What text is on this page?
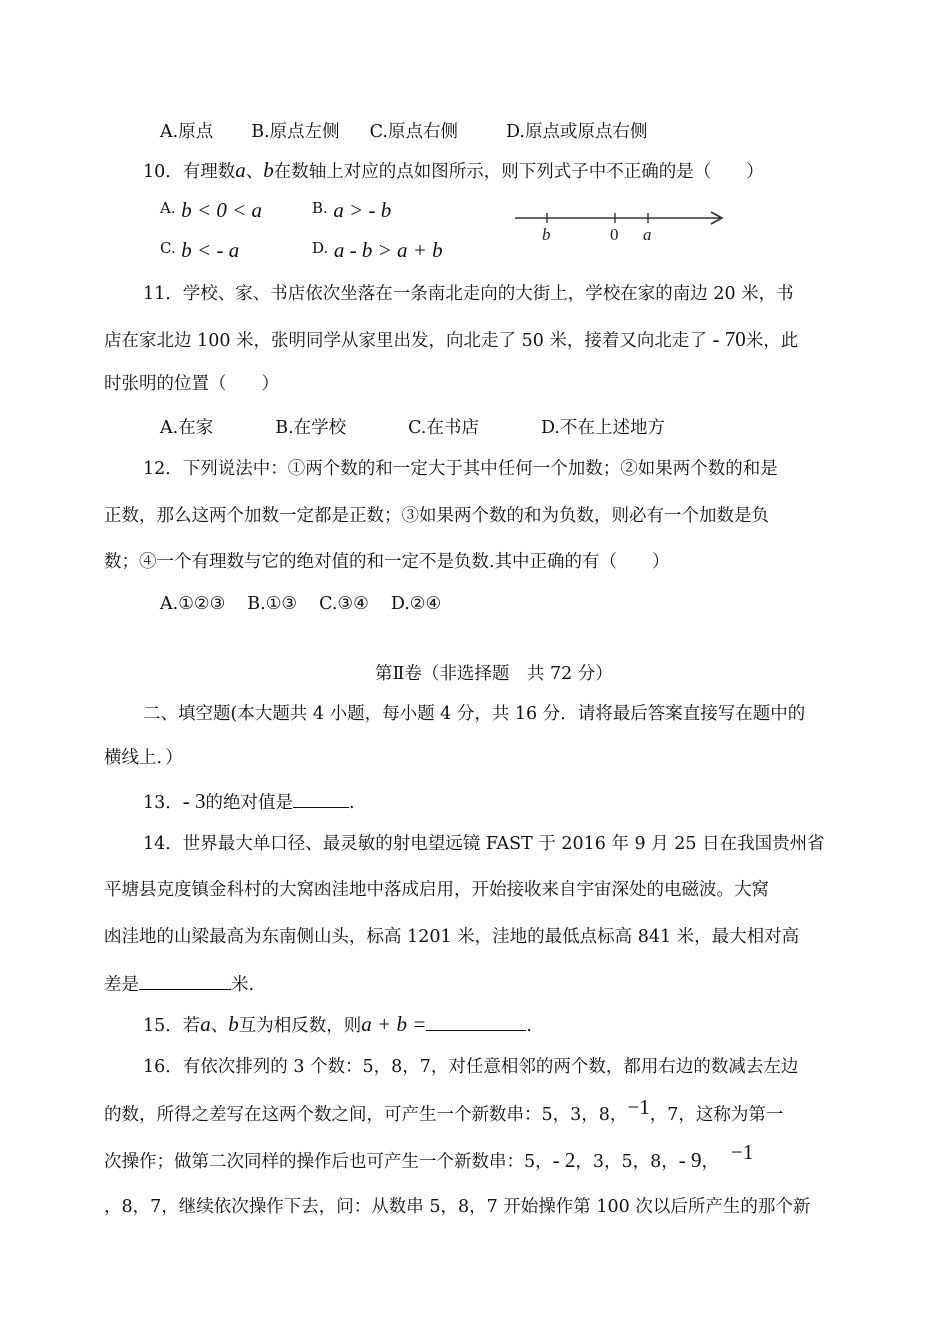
A.原点 B.原点左侧 C.原点右侧	D.原点或原点右侧
10．有理数a、b在数轴上对应的点如图所示，则下列式子中不正确的是（　　）
A. b < 0 < a	B. a > - b
C. b < - a	D. a - b > a + b
b	0 a
11．学校、家、书店依次坐落在一条南北走向的大街上，学校在家的南边 20 米，书
店在家北边 100 米，张明同学从家里出发，向北走了 50 米，接着又向北走了 - 70米，此
时张明的位置（　　）
A.在家	B.在学校	C.在书店	D.不在上述地方
12．下列说法中：①两个数的和一定大于其中任何一个加数；②如果两个数的和是
正数，那么这两个加数一定都是正数；③如果两个数的和为负数，则必有一个加数是负
数；④一个有理数与它的绝对值的和一定不是负数.其中正确的有（　　）
A.①②③ B.①③ C.③④ D.②④
第Ⅱ卷（非选择题　共 72 分）
二、填空题(本大题共 4 小题，每小题 4 分，共 16 分．请将最后答案直接写在题中的
横线上．）
13．- 3的绝对值是	.
14．世界最大单口径、最灵敏的射电望远镜 FAST 于 2016 年 9 月 25 日在我国贵州省
平塘县克度镇金科村的大窝凼洼地中落成启用，开始接收来自宇宙深处的电磁波。大窝
凼洼地的山梁最高为东南侧山头，标高 1201 米，洼地的最低点标高 841 米，最大相对高
差是	米.
15．若a、b互为相反数，则a + b =	.
16．有依次排列的 3 个数：5，8，7，对任意相邻的两个数，都用右边的数减去左边
的数，所得之差写在这两个数之间，可产生一个新数串：5，3，8，−1，7，这称为第一
次操作；做第二次同样的操作后也可产生一个新数串：5，- 2，3，5，8，- 9， −1
，8，7，继续依次操作下去，问：从数串 5，8，7 开始操作第 100 次以后所产生的那个新
